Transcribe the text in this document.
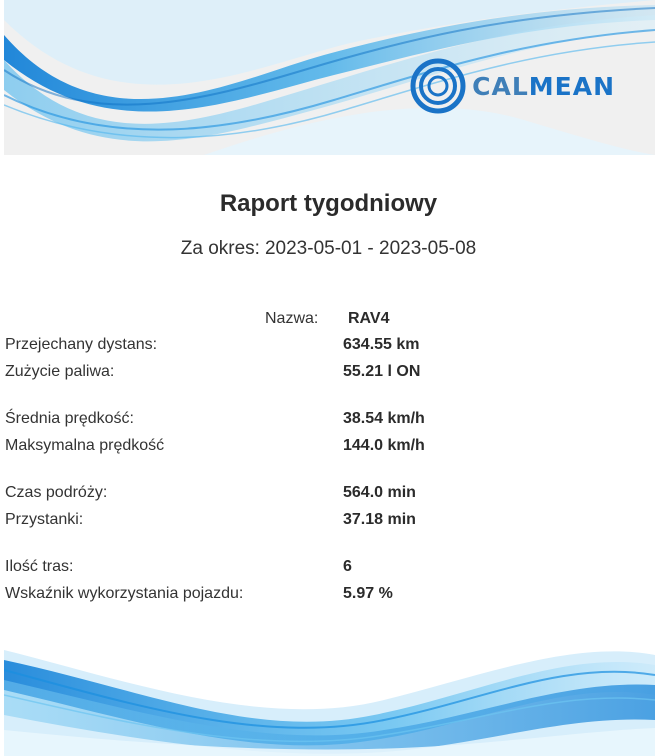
CALMEAN
Raport tygodniowy
Za okres: 2023-05-01 - 2023-05-08
Nazwa: RAV4
Przejechany dystans:	634.55 km
Zużycie paliwa:	55.21 l ON
Średnia prędkość:	38.54 km/h
Maksymalna prędkość	144.0 km/h
Czas podróży:	564.0 min
Przystanki:	37.18 min
Ilość tras:	6
Wskaźnik wykorzystania pojazdu:	5.97 %
